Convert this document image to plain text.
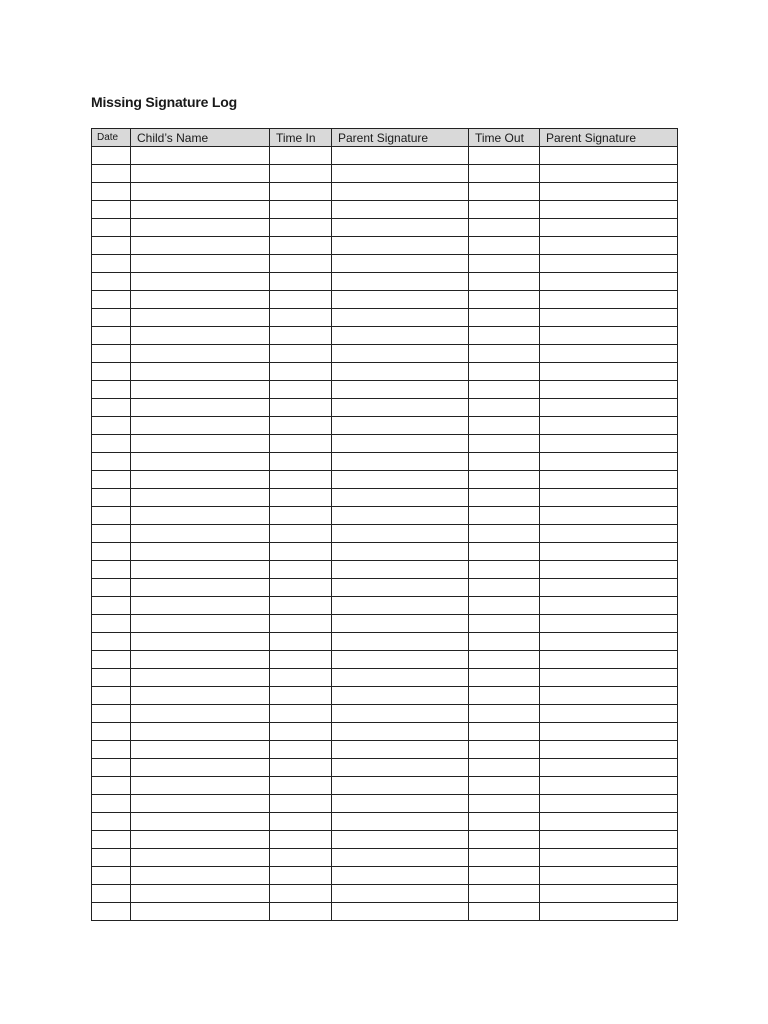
Missing Signature Log
Date	Child’s Name	Time In	Parent Signature	Time Out	Parent Signature
